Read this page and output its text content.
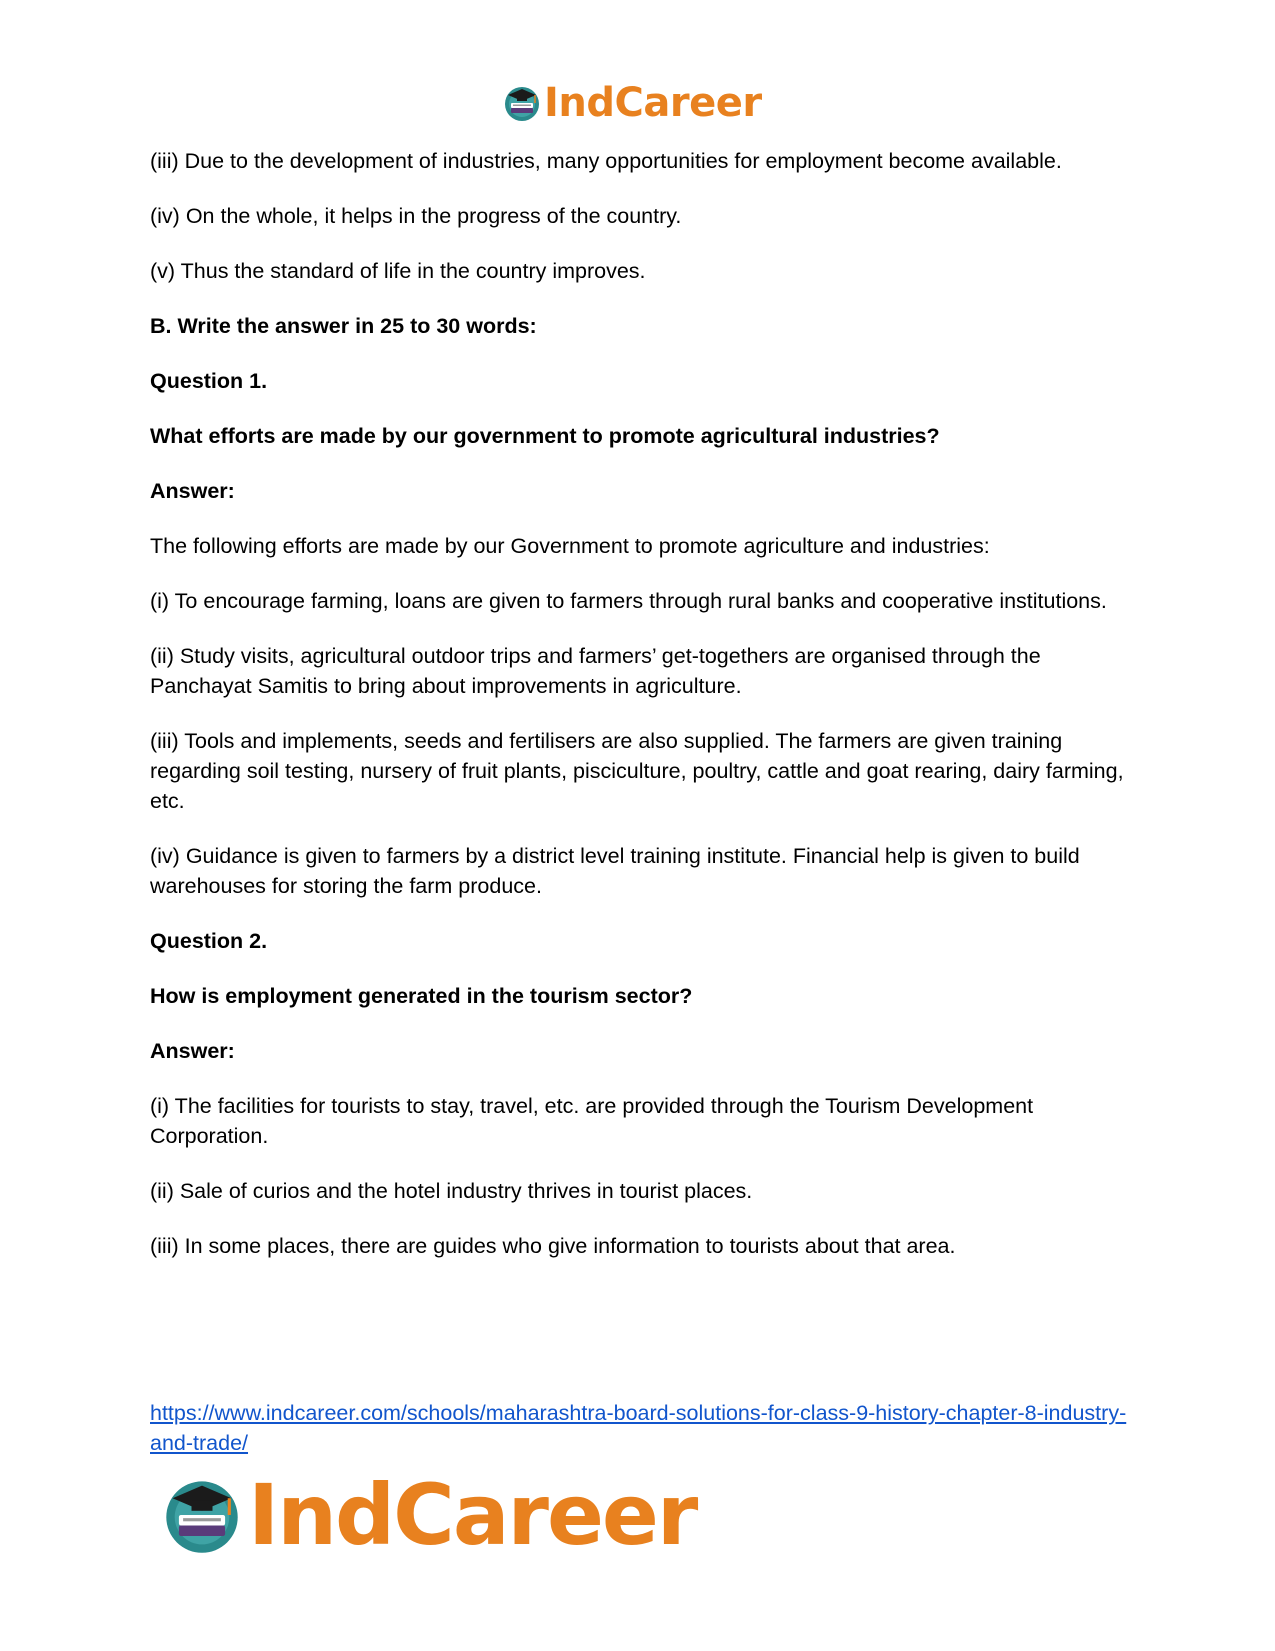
IndCareer

(iii) Due to the development of industries, many opportunities for employment become available.

(iv) On the whole, it helps in the progress of the country.

(v) Thus the standard of life in the country improves.

B. Write the answer in 25 to 30 words:

Question 1.

What efforts are made by our government to promote agricultural industries?

Answer:

The following efforts are made by our Government to promote agriculture and industries:

(i) To encourage farming, loans are given to farmers through rural banks and cooperative institutions.

(ii) Study visits, agricultural outdoor trips and farmers’ get-togethers are organised through the Panchayat Samitis to bring about improvements in agriculture.

(iii) Tools and implements, seeds and fertilisers are also supplied. The farmers are given training regarding soil testing, nursery of fruit plants, pisciculture, poultry, cattle and goat rearing, dairy farming, etc.

(iv) Guidance is given to farmers by a district level training institute. Financial help is given to build warehouses for storing the farm produce.

Question 2.

How is employment generated in the tourism sector?

Answer:

(i) The facilities for tourists to stay, travel, etc. are provided through the Tourism Development Corporation.

(ii) Sale of curios and the hotel industry thrives in tourist places.

(iii) In some places, there are guides who give information to tourists about that area.

https://www.indcareer.com/schools/maharashtra-board-solutions-for-class-9-history-chapter-8-industry-and-trade/
IndCareer
